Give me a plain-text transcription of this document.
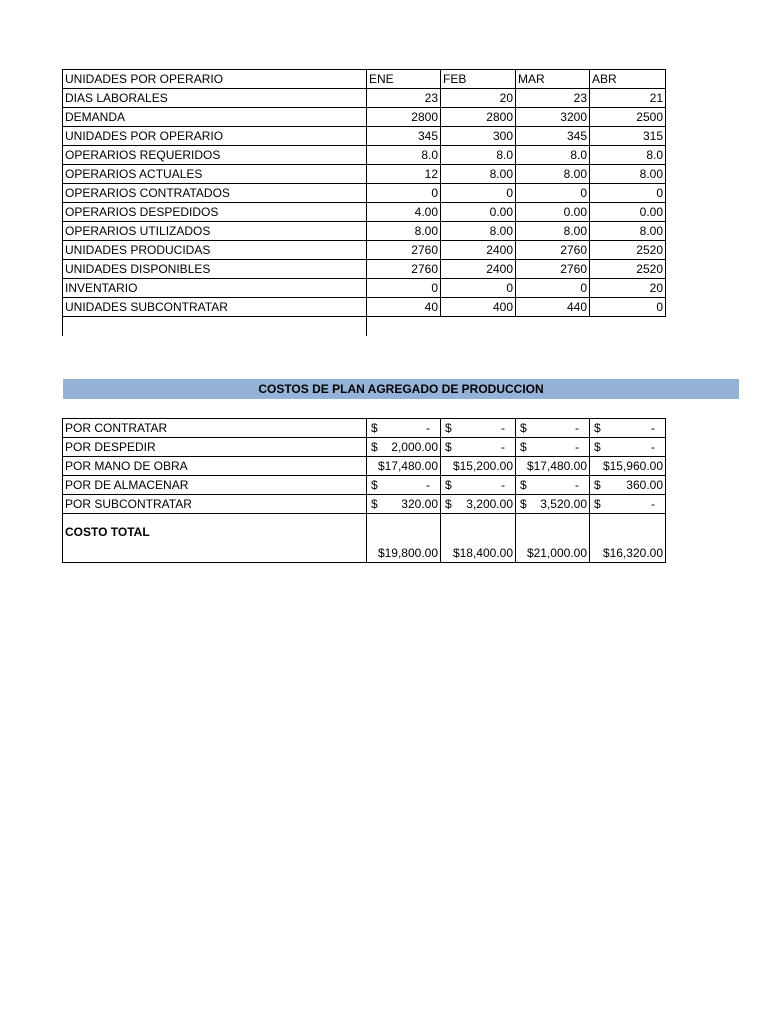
UNIDADES POR OPERARIO	ENE	FEB	MAR	ABR
DIAS LABORALES	23	20	23	21
DEMANDA	2800	2800	3200	2500
UNIDADES POR OPERARIO	345	300	345	315
OPERARIOS REQUERIDOS	8.0	8.0	8.0	8.0
OPERARIOS ACTUALES	12	8.00	8.00	8.00
OPERARIOS CONTRATADOS	0	0	0	0
OPERARIOS DESPEDIDOS	4.00	0.00	0.00	0.00
OPERARIOS UTILIZADOS	8.00	8.00	8.00	8.00
UNIDADES PRODUCIDAS	2760	2400	2760	2520
UNIDADES DISPONIBLES	2760	2400	2760	2520
INVENTARIO	0	0	0	20
UNIDADES SUBCONTRATAR	40	400	440	0

COSTOS DE PLAN AGREGADO DE PRODUCCION
POR CONTRATAR	$ -	$ -	$ -	$ -

POR DESPEDIR	$ 2,000.00	$ -	$ -	$ -

POR MANO DE OBRA	$17,480.00	$15,200.00	$17,480.00	$15,960.00

POR DE ALMACENAR	$ -	$ -	$ -	$ 360.00

POR SUBCONTRATAR	$ 320.00	$ 3,200.00	$ 3,520.00	$ -

COSTO TOTAL	$19,800.00	$18,400.00	$21,000.00	$16,320.00
